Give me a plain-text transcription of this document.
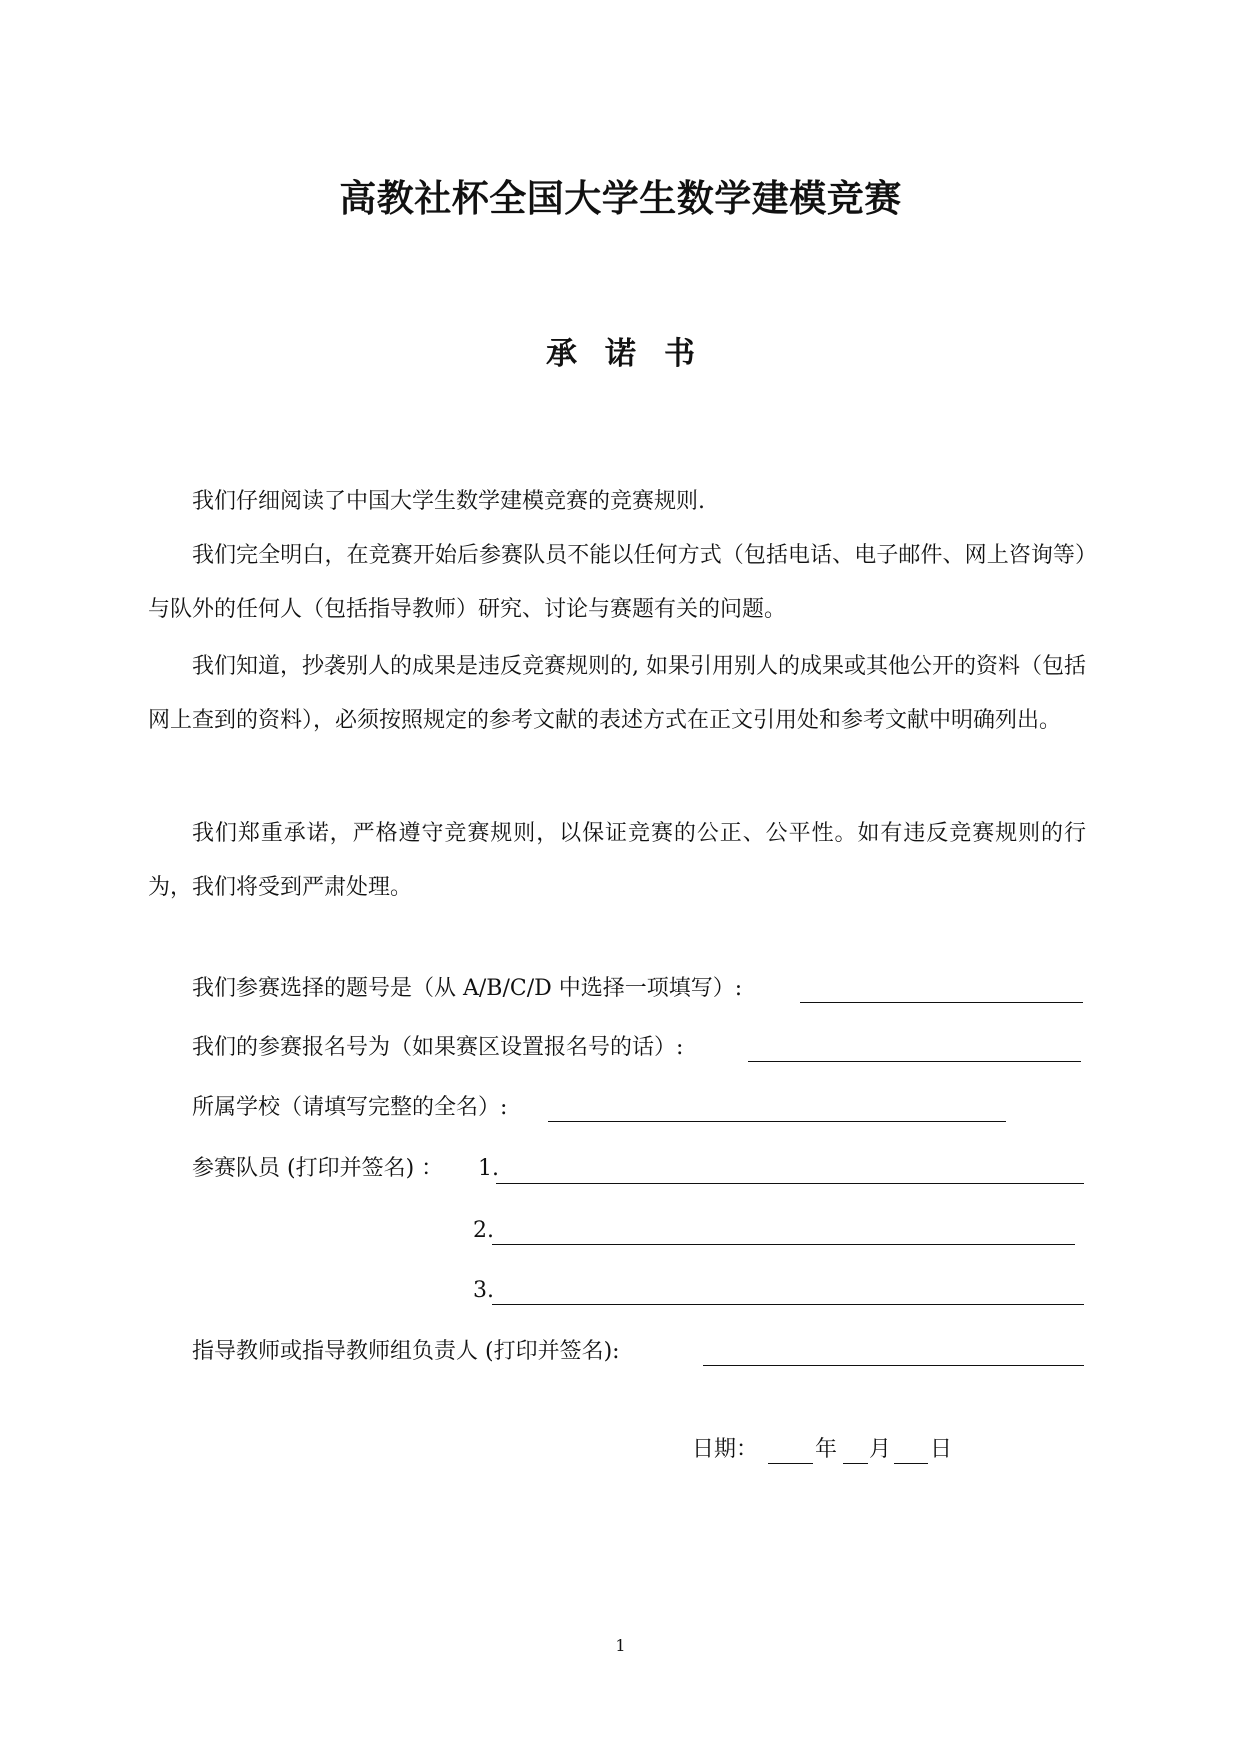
高教社杯全国大学生数学建模竞赛
承诺书
我们仔细阅读了中国大学生数学建模竞赛的竞赛规则.
我们完全明白，在竞赛开始后参赛队员不能以任何方式（包括电话、电子邮件、网上咨询等）与队外的任何人（包括指导教师）研究、讨论与赛题有关的问题。
我们知道，抄袭别人的成果是违反竞赛规则的, 如果引用别人的成果或其他公开的资料（包括网上查到的资料），必须按照规定的参考文献的表述方式在正文引用处和参考文献中明确列出。
我们郑重承诺，严格遵守竞赛规则，以保证竞赛的公正、公平性。如有违反竞赛规则的行为，我们将受到严肃处理。
我们参赛选择的题号是（从 A/B/C/D 中选择一项填写）:
我们的参赛报名号为（如果赛区设置报名号的话）:
所属学校（请填写完整的全名）:
参赛队员 (打印并签名) ： 1.
2.
3.
指导教师或指导教师组负责人 (打印并签名):
日期：	年 月 日
1
